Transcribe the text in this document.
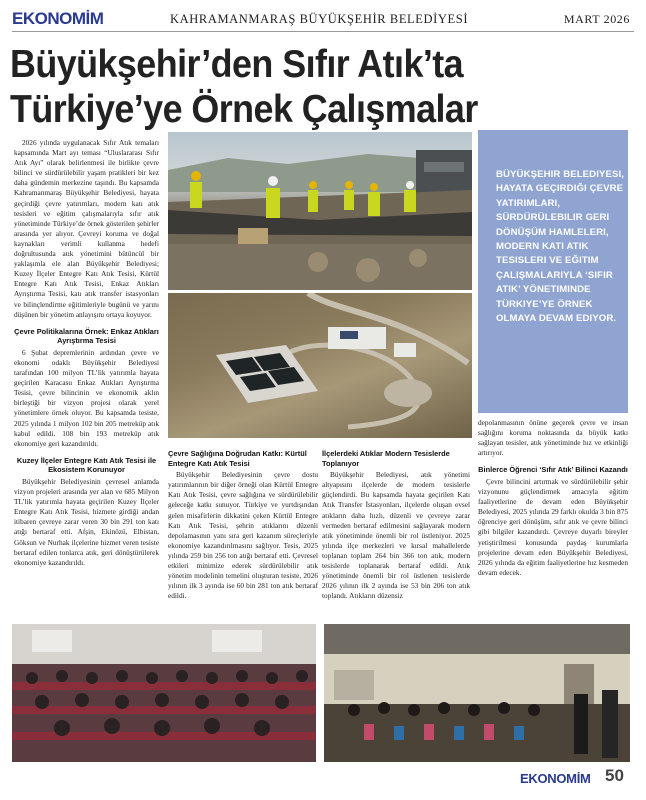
EKONOMİM	KAHRAMANMARAŞ BÜYÜKŞEHİR BELEDİYESİ	MART 2026
Büyükşehir’den Sıfır Atık’ta
Türkiye’ye Örnek Çalışmalar

2026 yılında uygulanacak Sıfır Atık temaları kapsamında Mart ayı teması “Uluslararası Sıfır Atık Ayı” olarak belirlenmesi ile birlikte çevre bilinci ve sürdürülebilir yaşam pratikleri bir kez daha gündemin merkezine taşındı. Bu kapsamda Kahramanmaraş Büyükşehir Belediyesi, hayata geçirdiği çevre yatırımları, modern katı atık tesisleri ve eğitim çalışmalarıyla sıfır atık yönetiminde Türkiye’de örnek gösterilen şehirler arasında yer alıyor. Çevreyi koruma ve doğal kaynakları verimli kullanma hedefi doğrultusunda atık yönetimini bütüncül bir yaklaşımla ele alan Büyükşehir Belediyesi; Kuzey İlçeler Entegre Katı Atık Tesisi, Kürtül Entegre Katı Atık Tesisi, Enkaz Atıkları Ayrıştırma Tesisi, katı atık transfer istasyonları ve bilinçlendirme eğitimleriyle bugünü ve yarını düşünen bir yönetim anlayışını ortaya koyuyor.

Çevre Politikalarına Örnek: Enkaz Atıkları Ayrıştırma Tesisi

6 Şubat depremlerinin ardından çevre ve ekonomi odaklı Büyükşehir Belediyesi tarafından 100 milyon TL’lik yatırımla hayata geçirilen Karacasu Enkaz Atıkları Ayrıştırma Tesisi, çevre bilincinin ve ekonomik aklın birleştiği bir vizyon projesi olarak yerel yönetimlere örnek oluyor. Bu kapsamda tesiste, 2025 yılında 1 milyon 102 bin 205 metreküp atık kabul edildi. 108 bin 193 metreküp atık ekonomiye geri kazandırıldı.

Kuzey İlçeler Entegre Katı Atık Tesisi ile Ekosistem Korunuyor

Büyükşehir Belediyesinin çevresel anlamda vizyon projeleri arasında yer alan ve 685 Milyon TL’lik yatırımla hayata geçirilen Kuzey İlçeler Entegre Katı Atık Tesisi, hizmete girdiği andan itibaren çevreye zarar veren 30 bin 291 ton katı atığı bertaraf etti. Afşin, Ekinözü, Elbistan, Göksun ve Nurhak ilçelerine hizmet veren tesiste bertaraf edilen tonlarca atık, geri dönüştürülerek ekonomiye kazandırıldı.

BÜYÜKŞEHIR BELEDIYESI, HAYATA GEÇIRDIĞI ÇEVRE YATIRIMLARI, SÜRDÜRÜLEBILIR GERI DÖNÜŞÜM HAMLELERI, MODERN KATI ATIK TESISLERI VE EĞITIM ÇALIŞMALARIYLA ‘SIFIR ATIK’ YÖNETIMINDE TÜRKIYE’YE ÖRNEK OLMAYA DEVAM EDIYOR.
Çevre Sağlığına Doğrudan Katkı: Kürtül Entegre Katı Atık Tesisi

Büyükşehir Belediyesinin çevre dostu yatırımlarının bir diğer örneği olan Kürtül Entegre Katı Atık Tesisi, çevre sağlığına ve sürdürülebilir geleceğe katkı sunuyor. Türkiye ve yurtdışından gelen misafirlerin dikkatini çeken Kürtül Entegre Katı Atık Tesisi, şehrin atıklarını düzenli depolamasının yanı sıra geri kazanım süreçleriyle ekonomiye kazandırılmasını sağlıyor. Tesis, 2025 yılında 259 bin 256 ton atığı bertaraf etti. Çevresel etkileri minimize ederek sürdürülebilir atık yönetim modelinin temelini oluşturan tesiste, 2026 yılının ilk 3 ayında ise 60 bin 281 ton atık bertaraf edildi.

İlçelerdeki Atıklar Modern Tesislerde Toplanıyor

Büyükşehir Belediyesi, atık yönetimi altyapısını ilçelerde de modern tesislerle güçlendirdi. Bu kapsamda hayata geçirilen Katı Atık Transfer İstasyonları, ilçelerde oluşan evsel atıkların daha hızlı, düzenli ve çevreye zarar vermeden bertaraf edilmesini sağlayarak modern atık yönetiminde önemli bir rol üstleniyor. 2025 yılında ilçe merkezleri ve kırsal mahallelerde toplanan toplam 264 bin 366 ton atık, modern tesislerde toplanarak bertaraf edildi. Atık yönetiminde önemli bir rol üstlenen tesislerde 2026 yılının ilk 2 ayında ise 53 bin 206 ton atık toplandı. Atıkların düzensiz

depolanmasının önüne geçerek çevre ve insan sağlığını koruma noktasında da büyük katkı sağlayan tesisler, atık yönetiminde hız ve etkinliği artırıyor.

Binlerce Öğrenci ‘Sıfır Atık’ Bilinci Kazandı

Çevre bilincini artırmak ve sürdürülebilir şehir vizyonunu güçlendirmek amacıyla eğitim faaliyetlerine de devam eden Büyükşehir Belediyesi, 2025 yılında 29 farklı okulda 3 bin 875 öğrenciye geri dönüşüm, sıfır atık ve çevre bilinci gibi bilgiler kazandırdı. Çevreye duyarlı bireyler yetiştirilmesi konusunda paydaş kurumlarla projelerine devam eden Büyükşehir Belediyesi, 2026 yılında da eğitim faaliyetlerine hız kesmeden devam edecek.

EKONOMİM 50
